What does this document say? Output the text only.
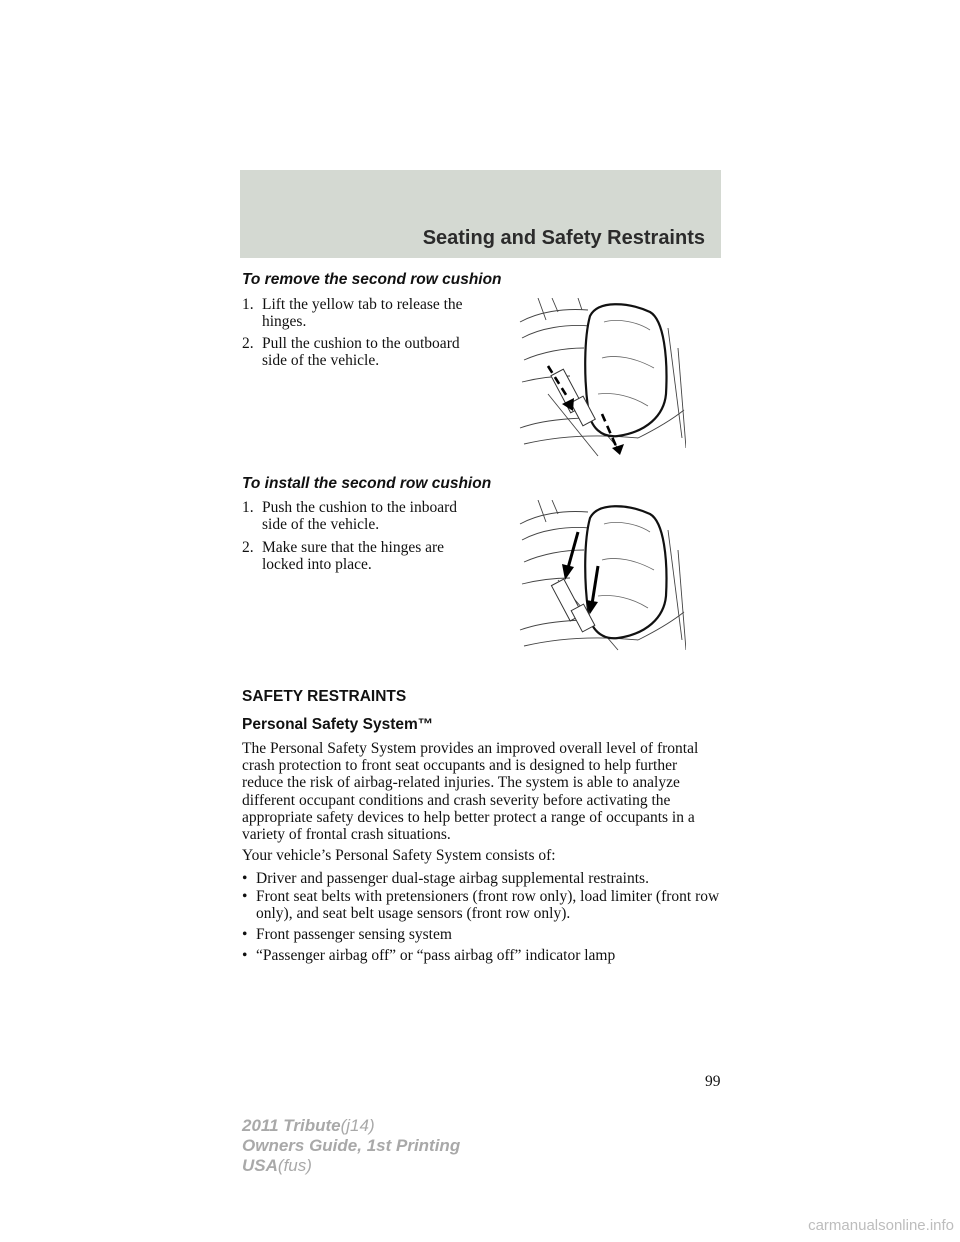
Seating and Safety Restraints
To remove the second row cushion
1. Lift the yellow tab to release the
hinges.
2. Pull the cushion to the outboard
side of the vehicle.
To install the second row cushion
1. Push the cushion to the inboard
side of the vehicle.
2. Make sure that the hinges are
locked into place.
SAFETY RESTRAINTS
Personal Safety System™
The Personal Safety System provides an improved overall level of frontal crash protection to front seat occupants and is designed to help further reduce the risk of airbag-related injuries. The system is able to analyze different occupant conditions and crash severity before activating the appropriate safety devices to help better protect a range of occupants in a variety of frontal crash situations.
Your vehicle’s Personal Safety System consists of:
• Driver and passenger dual-stage airbag supplemental restraints.
• Front seat belts with pretensioners (front row only), load limiter (front row only), and seat belt usage sensors (front row only).
• Front passenger sensing system
• “Passenger airbag off” or “pass airbag off” indicator lamp
99
2011 Tribute(j14)
Owners Guide, 1st Printing
USA(fus)
carmanualsonline.info
